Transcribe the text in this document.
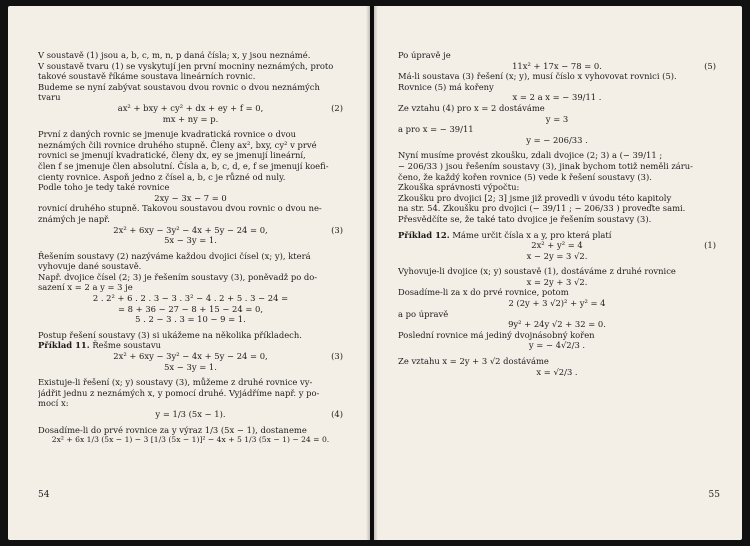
V soustavě (1) jsou a, b, c, m, n, p daná čísla; x, y jsou neznámé.
V soustavě tvaru (1) se vyskytují jen první mocniny neznámých, proto
takové soustavě říkáme soustava lineárních rovnic.
Budeme se nyní zabývat soustavou dvou rovnic o dvou neznámých
tvaru
ax² + bxy + cy² + dx + ey + f = 0,	(2)
mx + ny = p.
První z daných rovnic se jmenuje kvadratická rovnice o dvou
neznámých čili rovnice druhého stupně. Členy ax², bxy, cy² v prvé
rovnici se jmenují kvadratické, členy dx, ey se jmenují lineární,
člen f se jmenuje člen absolutní. Čísla a, b, c, d, e, f se jmenují koefi-
cienty rovnice. Aspoň jedno z čísel a, b, c je různé od nuly.
Podle toho je tedy také rovnice
2xy − 3x − 7 = 0
rovnicí druhého stupně. Takovou soustavou dvou rovnic o dvou ne-
známých je např.
2x² + 6xy − 3y² − 4x + 5y − 24 = 0,	(3)
5x − 3y = 1.
Řešením soustavy (2) nazýváme každou dvojici čísel (x; y), která
vyhovuje dané soustavě.
Např. dvojice čísel (2; 3) je řešením soustavy (3), poněvadž po do-
sazení x = 2 a y = 3 je
2 . 2² + 6 . 2 . 3 − 3 . 3² − 4 . 2 + 5 . 3 − 24 =
= 8 + 36 − 27 − 8 + 15 − 24 = 0,
5 . 2 − 3 . 3 = 10 − 9 = 1.
Postup řešení soustavy (3) si ukážeme na několika příkladech.
Příklad 11. Řešme soustavu
2x² + 6xy − 3y² − 4x + 5y − 24 = 0,	(3)
5x − 3y = 1.
Existuje-li řešení (x; y) soustavy (3), můžeme z druhé rovnice vy-
jádřit jednu z neznámých x, y pomocí druhé. Vyjádříme např. y po-
mocí x:
y = 1/3 (5x − 1).	(4)
Dosadíme-li do prvé rovnice za y výraz 1/3 (5x − 1), dostaneme
2x² + 6x 1/3 (5x − 1) − 3 [1/3 (5x − 1)]² − 4x + 5 1/3 (5x − 1) − 24 = 0.
54
Po úpravě je
11x² + 17x − 78 = 0.	(5)
Má-li soustava (3) řešení (x; y), musí číslo x vyhovovat rovnici (5).
Rovnice (5) má kořeny
x = 2 a x = − 39/11 .
Ze vztahu (4) pro x = 2 dostáváme
y = 3
a pro x = − 39/11
y = − 206/33 .
Nyní musíme provést zkoušku, zdali dvojice (2; 3) a (− 39/11 ;
− 206/33 ) jsou řešením soustavy (3), jinak bychom totiž neměli záru-
čeno, že každý kořen rovnice (5) vede k řešení soustavy (3).
Zkouška správnosti výpočtu:
Zkoušku pro dvojici [2; 3] jsme již provedli v úvodu této kapitoly
na str. 54. Zkoušku pro dvojici (− 39/11 ; − 206/33 ) proveďte sami.
Přesvědčíte se, že také tato dvojice je řešením soustavy (3).
Příklad 12. Máme určit čísla x a y, pro která platí
2x² + y² = 4	(1)
x − 2y = 3 √2.
Vyhovuje-li dvojice (x; y) soustavě (1), dostáváme z druhé rovnice
x = 2y + 3 √2.
Dosadíme-li za x do prvé rovnice, potom
2 (2y + 3 √2)² + y² = 4
a po úpravě
9y² + 24y √2 + 32 = 0.
Poslední rovnice má jediný dvojnásobný kořen
y = − 4√2/3 .
Ze vztahu x = 2y + 3 √2 dostáváme
x = √2/3 .
55
